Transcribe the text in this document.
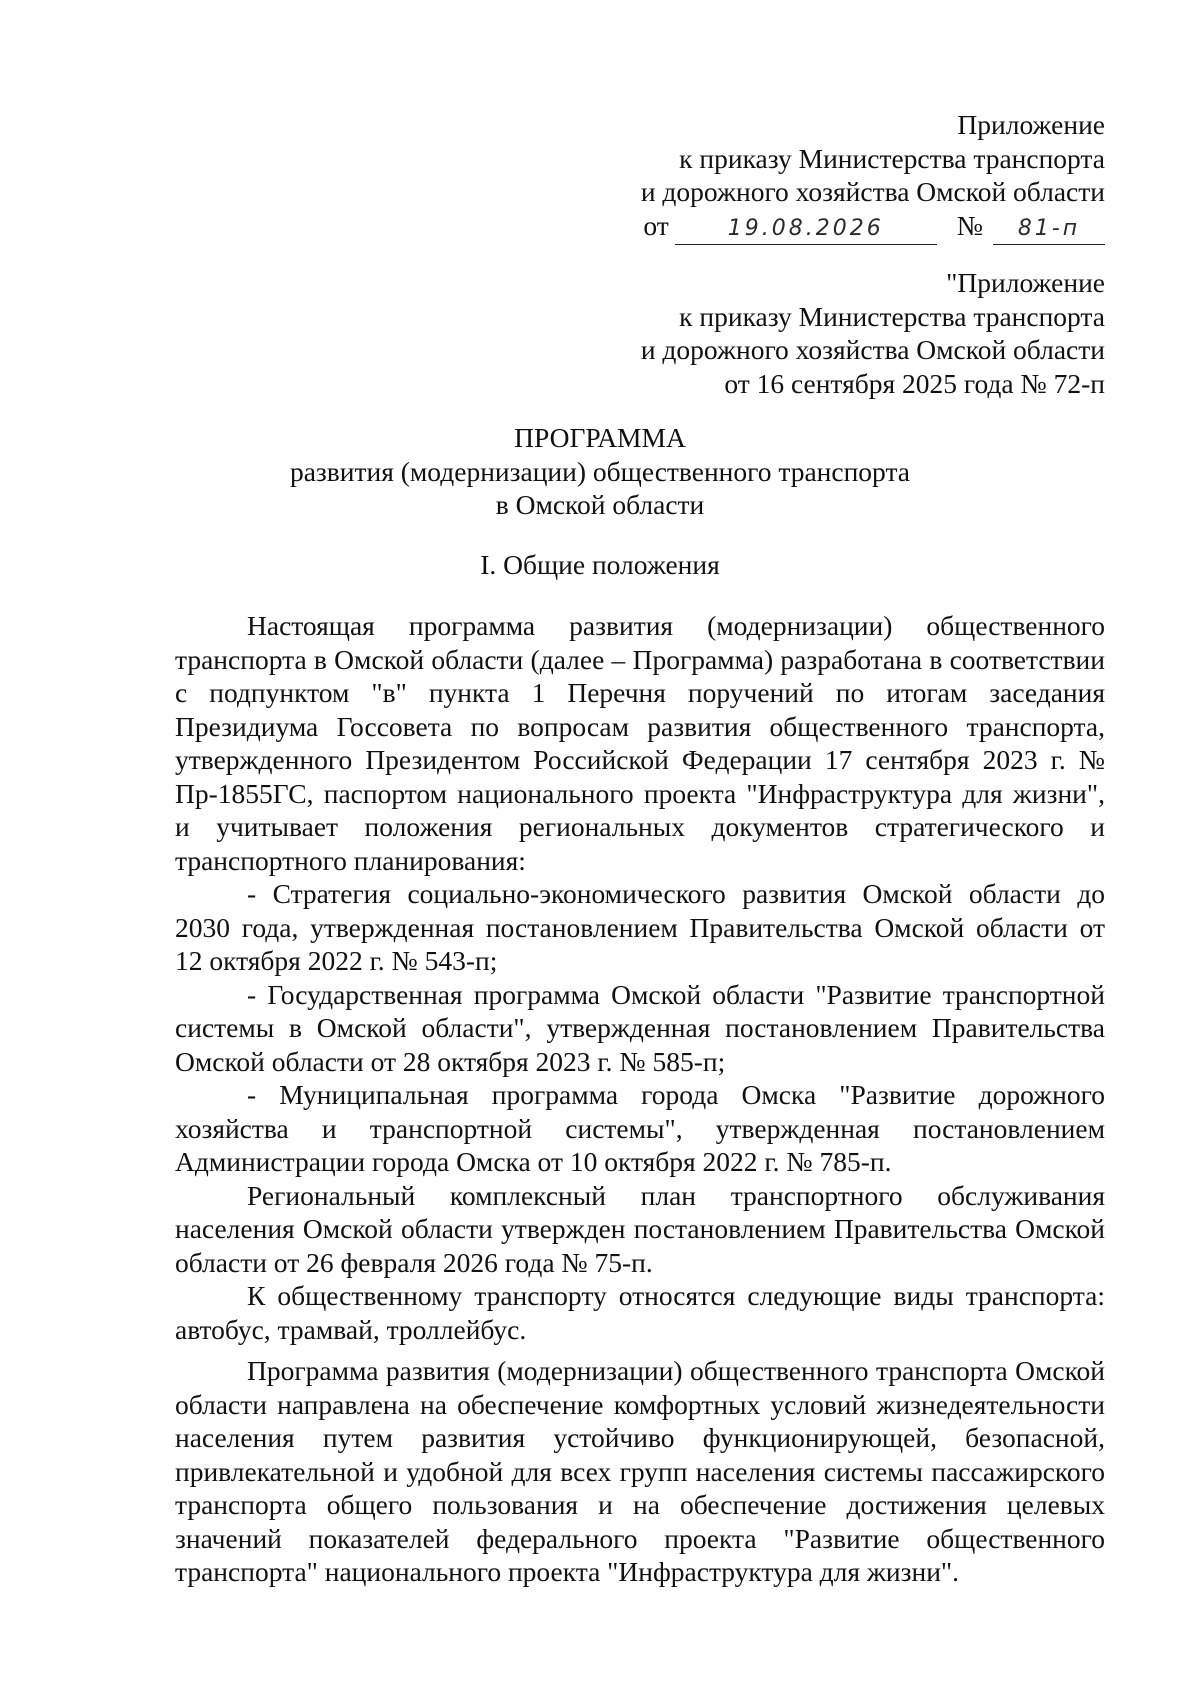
Приложение
к приказу Министерства транспорта
и дорожного хозяйства Омской области
от	19.08.2026	№ 81-п
"Приложение
к приказу Министерства транспорта
и дорожного хозяйства Омской области
от 16 сентября 2025 года № 72-п
ПРОГРАММА
развития (модернизации) общественного транспорта
в Омской области
I. Общие положения

Настоящая программа развития (модернизации) общественного транспорта в Омской области (далее – Программа) разработана в соответствии с подпунктом "в" пункта 1 Перечня поручений по итогам заседания Президиума Госсовета по вопросам развития общественного транспорта, утвержденного Президентом Российской Федерации 17 сентября 2023 г. № Пр-1855ГС, паспортом национального проекта "Инфраструктура для жизни", и учитывает положения региональных документов стратегического и транспортного планирования:

- Стратегия социально-экономического развития Омской области до 2030 года, утвержденная постановлением Правительства Омской области от 12 октября 2022 г. № 543-п;

- Государственная программа Омской области "Развитие транспортной системы в Омской области", утвержденная постановлением Правительства Омской области от 28 октября 2023 г. № 585-п;

- Муниципальная программа города Омска "Развитие дорожного хозяйства и транспортной системы", утвержденная постановлением Администрации города Омска от 10 октября 2022 г. № 785-п.

Региональный комплексный план транспортного обслуживания населения Омской области утвержден постановлением Правительства Омской области от 26 февраля 2026 года № 75-п.

К общественному транспорту относятся следующие виды транспорта: автобус, трамвай, троллейбус.

Программа развития (модернизации) общественного транспорта Омской области направлена на обеспечение комфортных условий жизнедеятельности населения путем развития устойчиво функционирующей, безопасной, привлекательной и удобной для всех групп населения системы пассажирского транспорта общего пользования и на обеспечение достижения целевых значений показателей федерального проекта "Развитие общественного транспорта" национального проекта "Инфраструктура для жизни".
